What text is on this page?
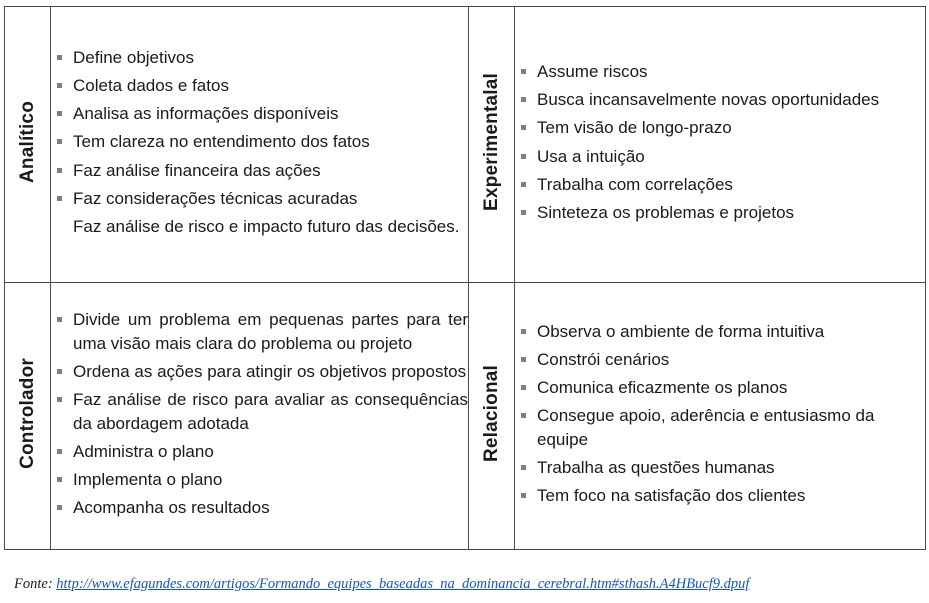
Analítico	
Define objetivos
Coleta dados e fatos
Analisa as informações disponíveis
Tem clareza no entendimento dos fatos
Faz análise financeira das ações
Faz considerações técnicas acuradas
Faz análise de risco e impacto futuro das decisões.
	Experimentalal	
Assume riscos
Busca incansavelmente novas oportunidades
Tem visão de longo-prazo
Usa a intuição
Trabalha com correlações
Sinteteza os problemas e projetos

Controlador	
Divide um problema em pequenas partes para ter uma visão mais clara do problema ou projeto
Ordena as ações para atingir os objetivos propostos
Faz análise de risco para avaliar as consequências da abordagem adotada
Administra o plano
Implementa o plano
Acompanha os resultados
	Relacional	
Observa o ambiente de forma intuitiva
Constrói cenários
Comunica eficazmente os planos
Consegue apoio, aderência e entusiasmo da equipe
Trabalha as questões humanas
Tem foco na satisfação dos clientes
Fonte: http://www.efagundes.com/artigos/Formando_equipes_baseadas_na_dominancia_cerebral.htm#sthash.A4HBucf9.dpuf
